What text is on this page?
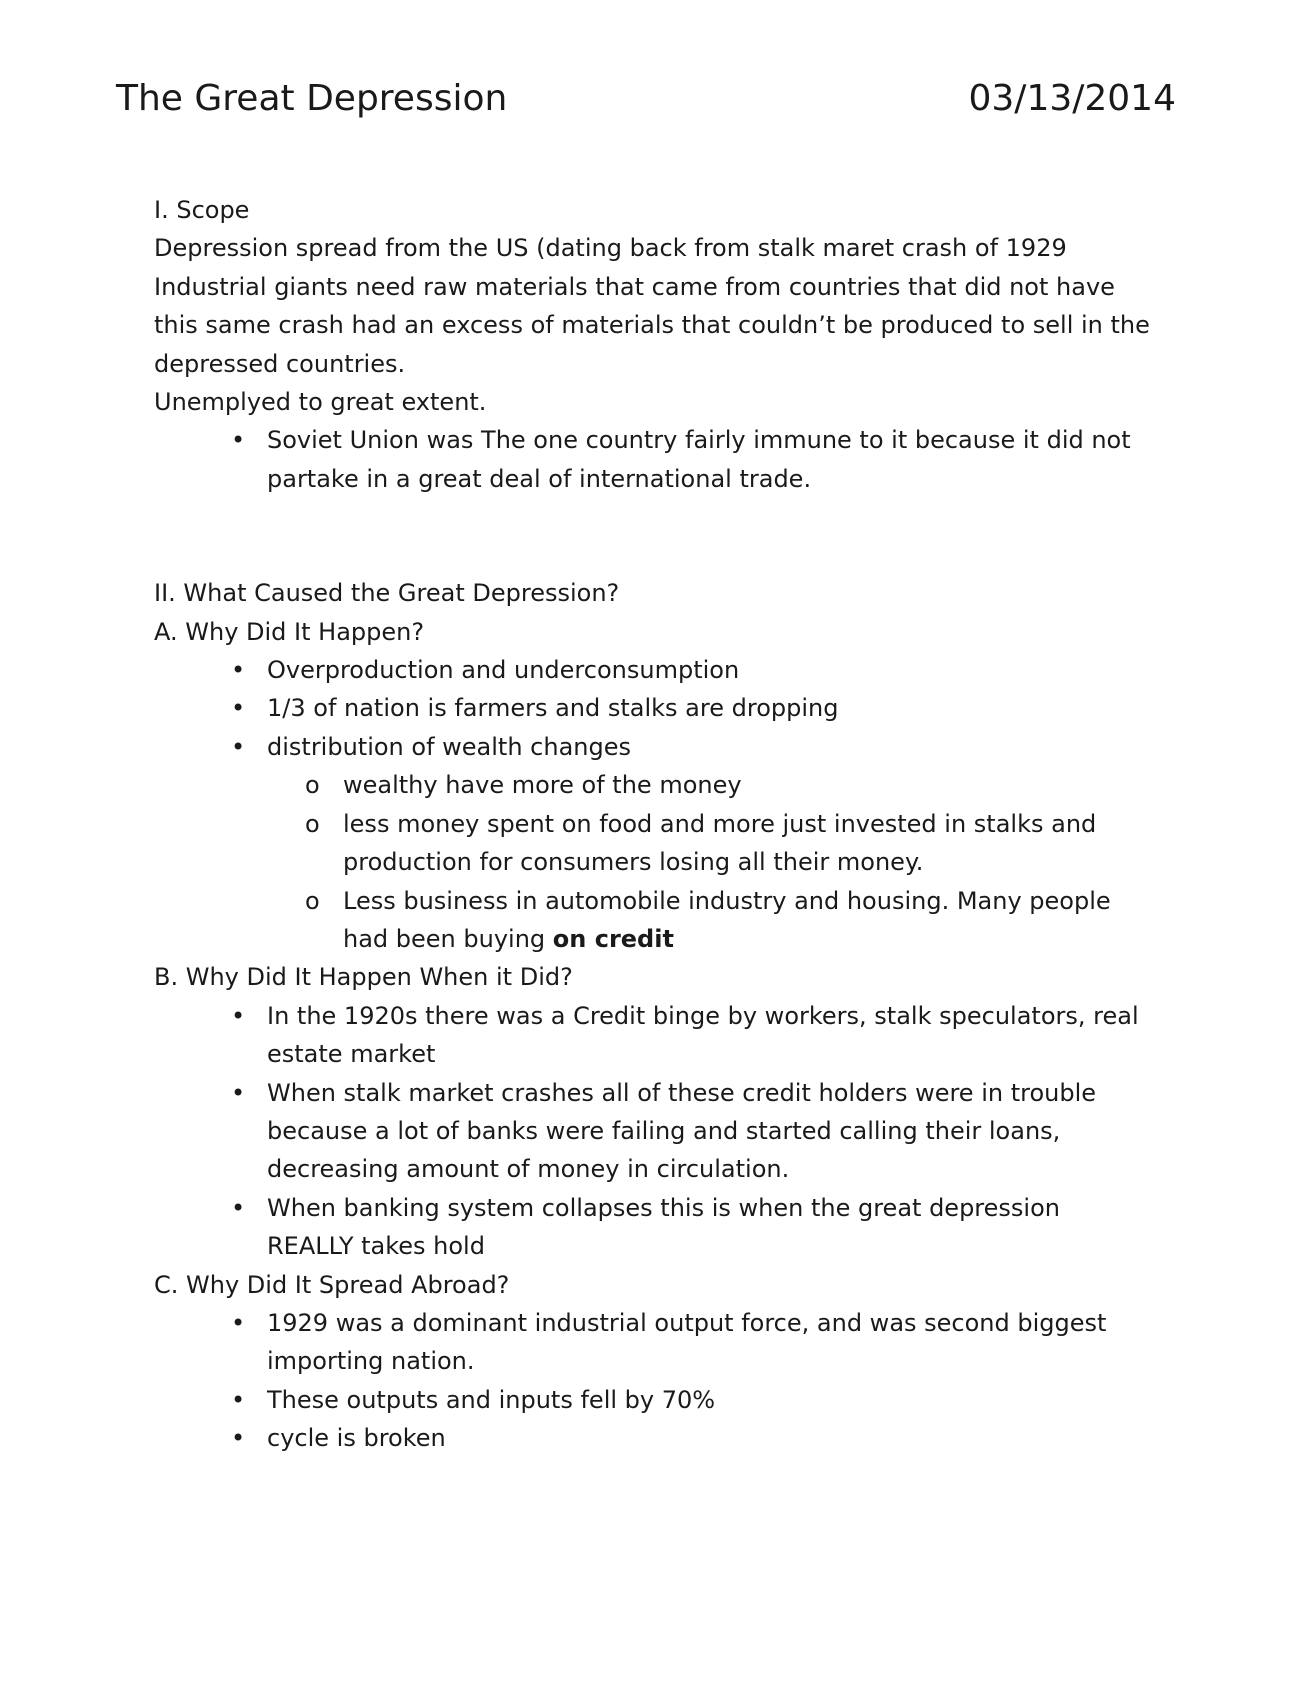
The Great Depression	03/13/2014

I. Scope

Depression spread from the US (dating back from stalk maret crash of 1929 Industrial giants need raw materials that came from countries that did not have this same crash had an excess of materials that couldn’t be produced to sell in the depressed countries.

Unemplyed to great extent.

• Soviet Union was The one country fairly immune to it because it did not partake in a great deal of international trade.

II. What Caused the Great Depression?

A. Why Did It Happen?

• Overproduction and underconsumption
• 1/3 of nation is farmers and stalks are dropping
• distribution of wealth changes
o wealthy have more of the money
o less money spent on food and more just invested in stalks and production for consumers losing all their money.
o Less business in automobile industry and housing. Many people had been buying on credit

B. Why Did It Happen When it Did?

• In the 1920s there was a Credit binge by workers, stalk speculators, real estate market
• When stalk market crashes all of these credit holders were in trouble because a lot of banks were failing and started calling their loans, decreasing amount of money in circulation.
• When banking system collapses this is when the great depression REALLY takes hold

C. Why Did It Spread Abroad?

• 1929 was a dominant industrial output force, and was second biggest importing nation.
• These outputs and inputs fell by 70%
• cycle is broken
